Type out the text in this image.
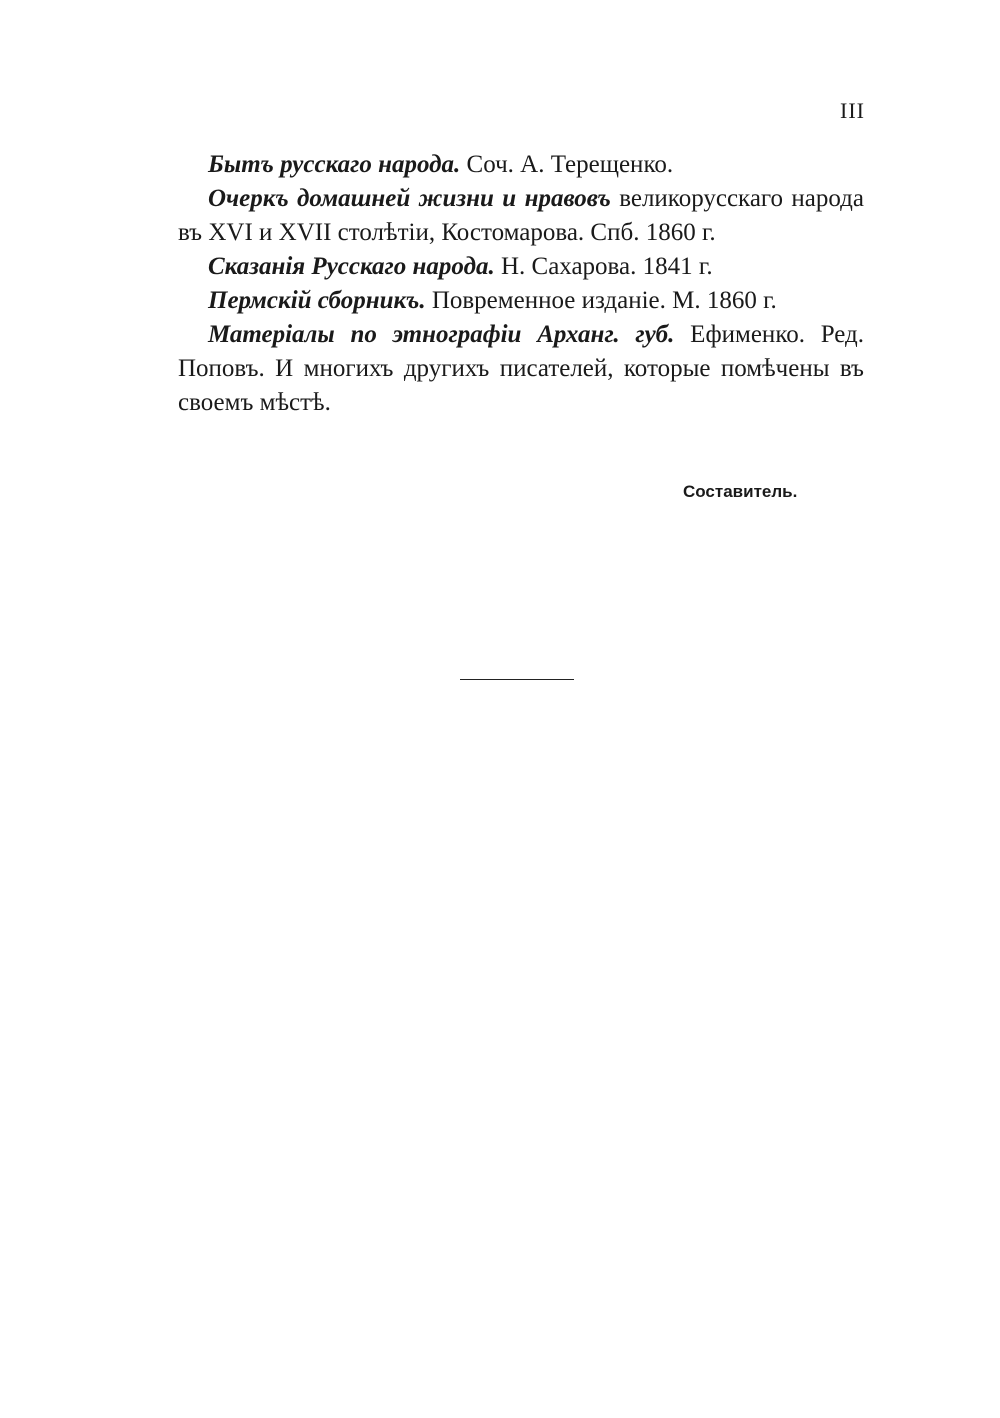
III

Бытъ русскаго народа. Соч. А. Терещенко.

Очеркъ домашней жизни и нравовъ великорусскаго народа въ XVI и XVII столѣтіи, Костомарова. Спб. 1860 г.

Сказанія Русскаго народа. Н. Сахарова. 1841 г.

Пермскій сборникъ. Повременное изданіе. М. 1860 г.

Матеріалы по этнографіи Арханг. губ. Ефименко. Ред. Поповъ. И многихъ другихъ писателей, которые помѣчены въ своемъ мѣстѣ.

Составитель.
